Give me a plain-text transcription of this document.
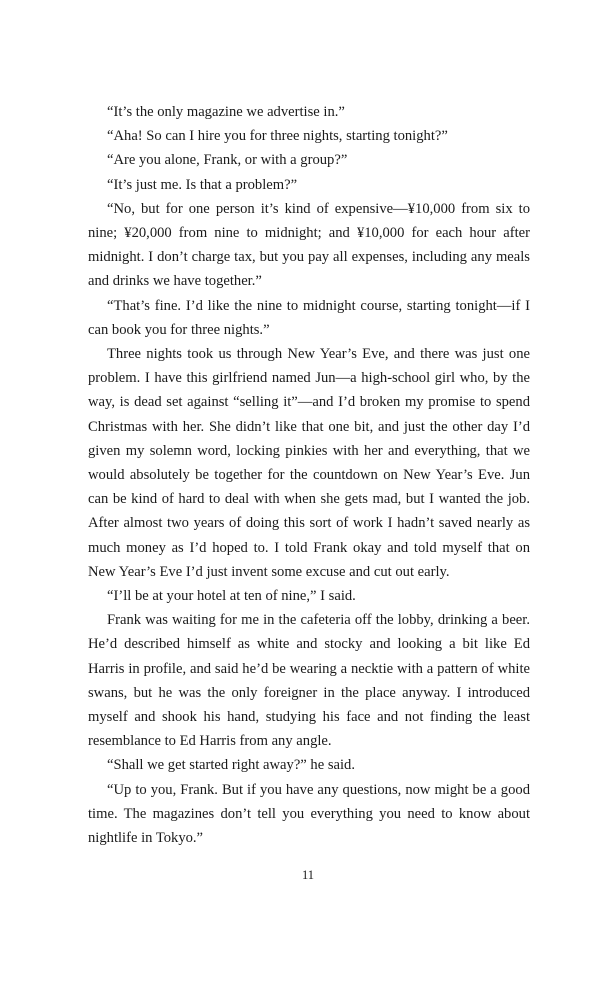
“It’s the only magazine we advertise in.”

“Aha! So can I hire you for three nights, starting tonight?”

“Are you alone, Frank, or with a group?”

“It’s just me. Is that a problem?”

“No, but for one person it’s kind of expensive—¥10,000 from six to nine; ¥20,000 from nine to midnight; and ¥10,000 for each hour after midnight. I don’t charge tax, but you pay all expenses, including any meals and drinks we have together.”

“That’s fine. I’d like the nine to midnight course, starting tonight—if I can book you for three nights.”

Three nights took us through New Year’s Eve, and there was just one problem. I have this girlfriend named Jun—a high-school girl who, by the way, is dead set against “selling it”—and I’d broken my promise to spend Christmas with her. She didn’t like that one bit, and just the other day I’d given my solemn word, locking pinkies with her and everything, that we would absolutely be together for the countdown on New Year’s Eve. Jun can be kind of hard to deal with when she gets mad, but I wanted the job. After almost two years of doing this sort of work I hadn’t saved nearly as much money as I’d hoped to. I told Frank okay and told myself that on New Year’s Eve I’d just invent some excuse and cut out early.

“I’ll be at your hotel at ten of nine,” I said.

Frank was waiting for me in the cafeteria off the lobby, drinking a beer. He’d described himself as white and stocky and looking a bit like Ed Harris in profile, and said he’d be wearing a necktie with a pattern of white swans, but he was the only foreigner in the place anyway. I introduced myself and shook his hand, studying his face and not finding the least resemblance to Ed Harris from any angle.

“Shall we get started right away?” he said.

“Up to you, Frank. But if you have any questions, now might be a good time. The magazines don’t tell you everything you need to know about nightlife in Tokyo.”

11
